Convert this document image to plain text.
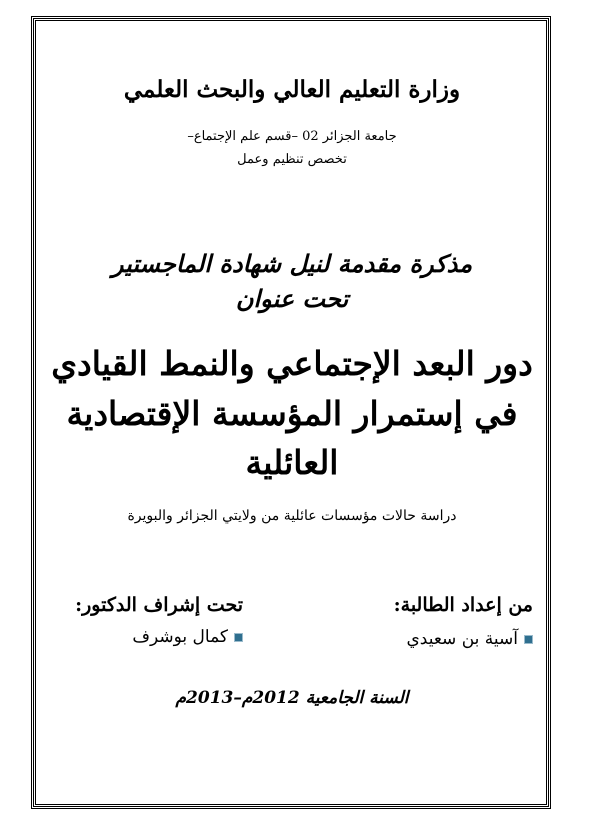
وزارة التعليم العالي والبحث العلمي
جامعة الجزائر 02 –قسم علم الإجتماع–
تخصص تنظيم وعمل
مذكرة مقدمة لنيل شهادة الماجستير
تحت عنوان
دور البعد الإجتماعي والنمط القيادي
في إستمرار المؤسسة الإقتصادية
العائلية
دراسة حالات مؤسسات عائلية من ولايتي الجزائر والبويرة
من إعداد الطالبة:
آسية بن سعيدي
تحت إشراف الدكتور:
كمال بوشرف
السنة الجامعية 2012م–2013م
